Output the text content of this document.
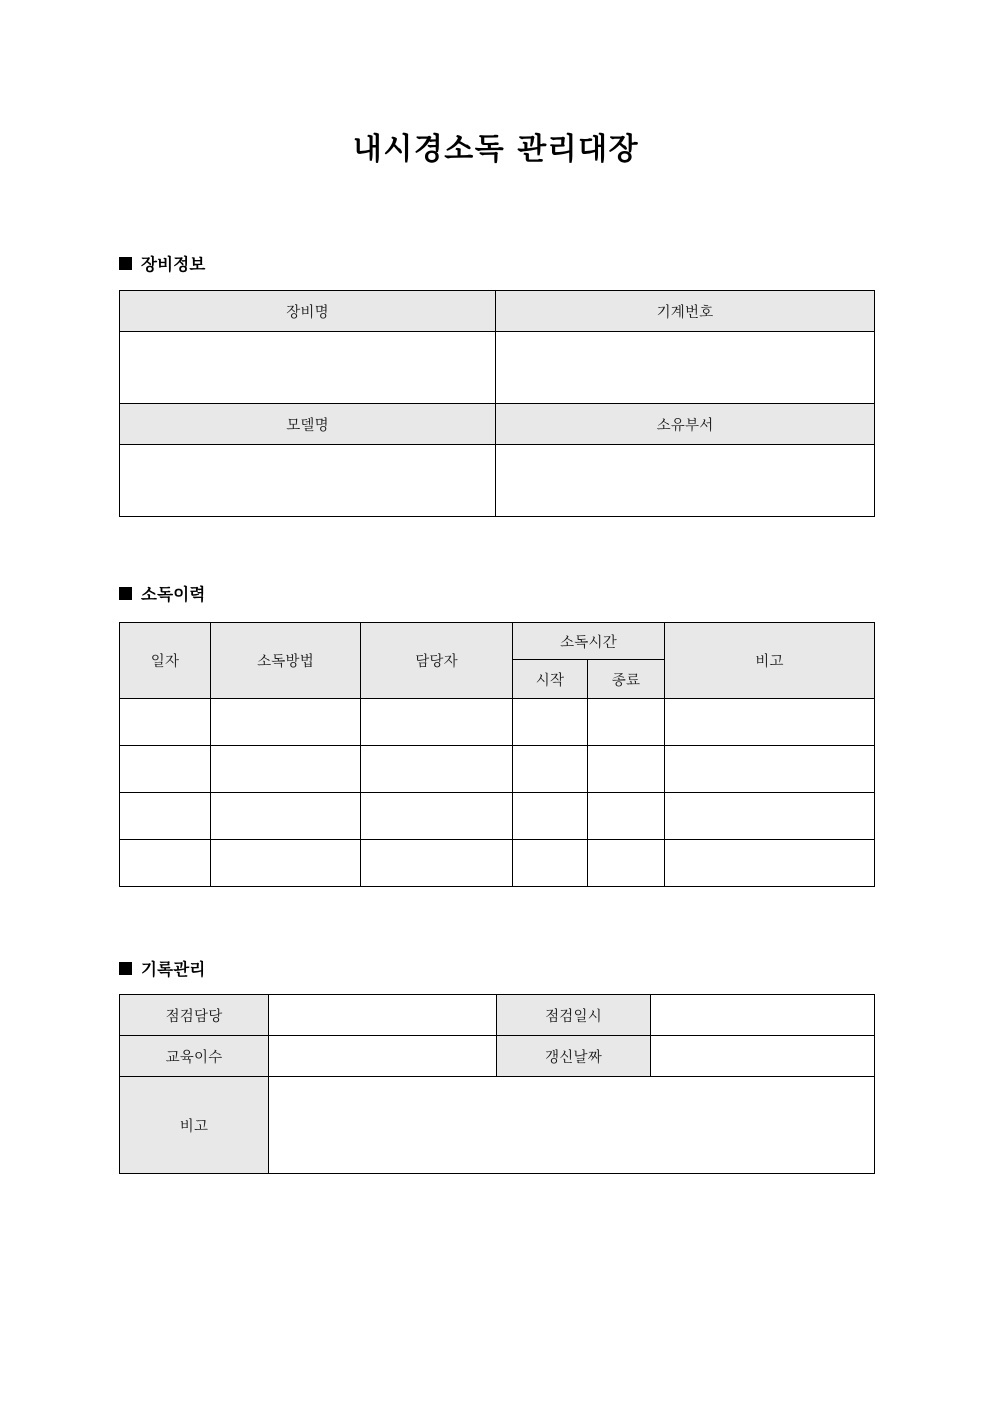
내시경소독 관리대장
장비정보
장비명	기계번호

모델명	소유부서

소독이력
일자	소독방법	담당자	소독시간		비고
			시작	종료	

기록관리
점검담당		점검일시	
교육이수		갱신날짜	
비고			
